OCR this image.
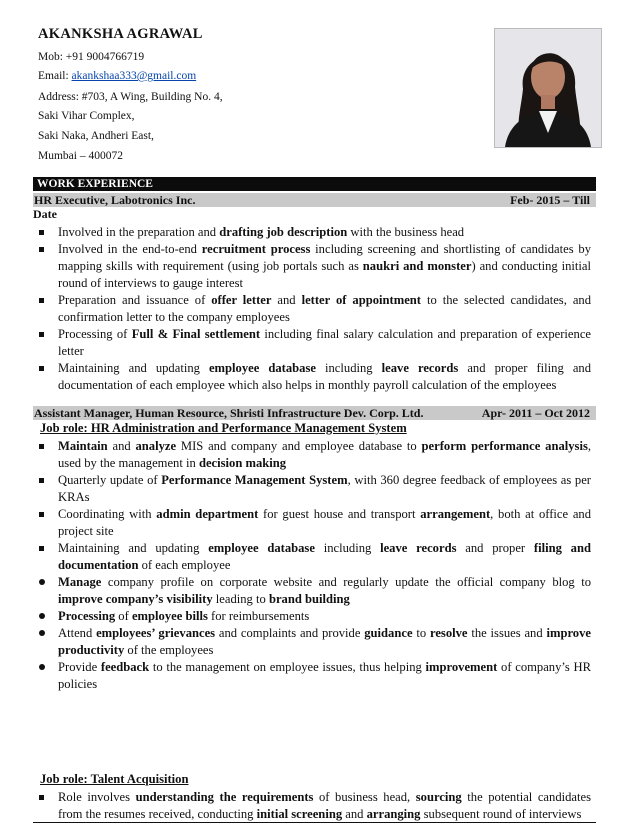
AKANKSHA AGRAWAL
Mob: +91 9004766719
Email: akankshaa333@gmail.com
Address: #703, A Wing, Building No. 4,
Saki Vihar Complex,
Saki Naka, Andheri East,
Mumbai – 400072
WORK EXPERIENCE
HR Executive, Labotronics Inc.	Feb- 2015 – Till
Date
Involved in the preparation and drafting job description with the business head
Involved in the end-to-end recruitment process including screening and shortlisting of candidates by mapping skills with requirement (using job portals such as naukri and monster) and conducting initial round of interviews to gauge interest
Preparation and issuance of offer letter and letter of appointment to the selected candidates, and confirmation letter to the company employees
Processing of Full & Final settlement including final salary calculation and preparation of experience letter
Maintaining and updating employee database including leave records and proper filing and documentation of each employee which also helps in monthly payroll calculation of the employees
Assistant Manager, Human Resource, Shristi Infrastructure Dev. Corp. Ltd.	Apr- 2011 – Oct 2012
Job role: HR Administration and Performance Management System
Maintain and analyze MIS and company and employee database to perform performance analysis, used by the management in decision making
Quarterly update of Performance Management System, with 360 degree feedback of employees as per KRAs
Coordinating with admin department for guest house and transport arrangement, both at office and project site
Maintaining and updating employee database including leave records and proper filing and documentation of each employee
Manage company profile on corporate website and regularly update the official company blog to improve company’s visibility leading to brand building
Processing of employee bills for reimbursements
Attend employees’ grievances and complaints and provide guidance to resolve the issues and improve productivity of the employees
Provide feedback to the management on employee issues, thus helping improvement of company’s HR policies
Job role: Talent Acquisition
Role involves understanding the requirements of business head, sourcing the potential candidates from the resumes received, conducting initial screening and arranging subsequent round of interviews
